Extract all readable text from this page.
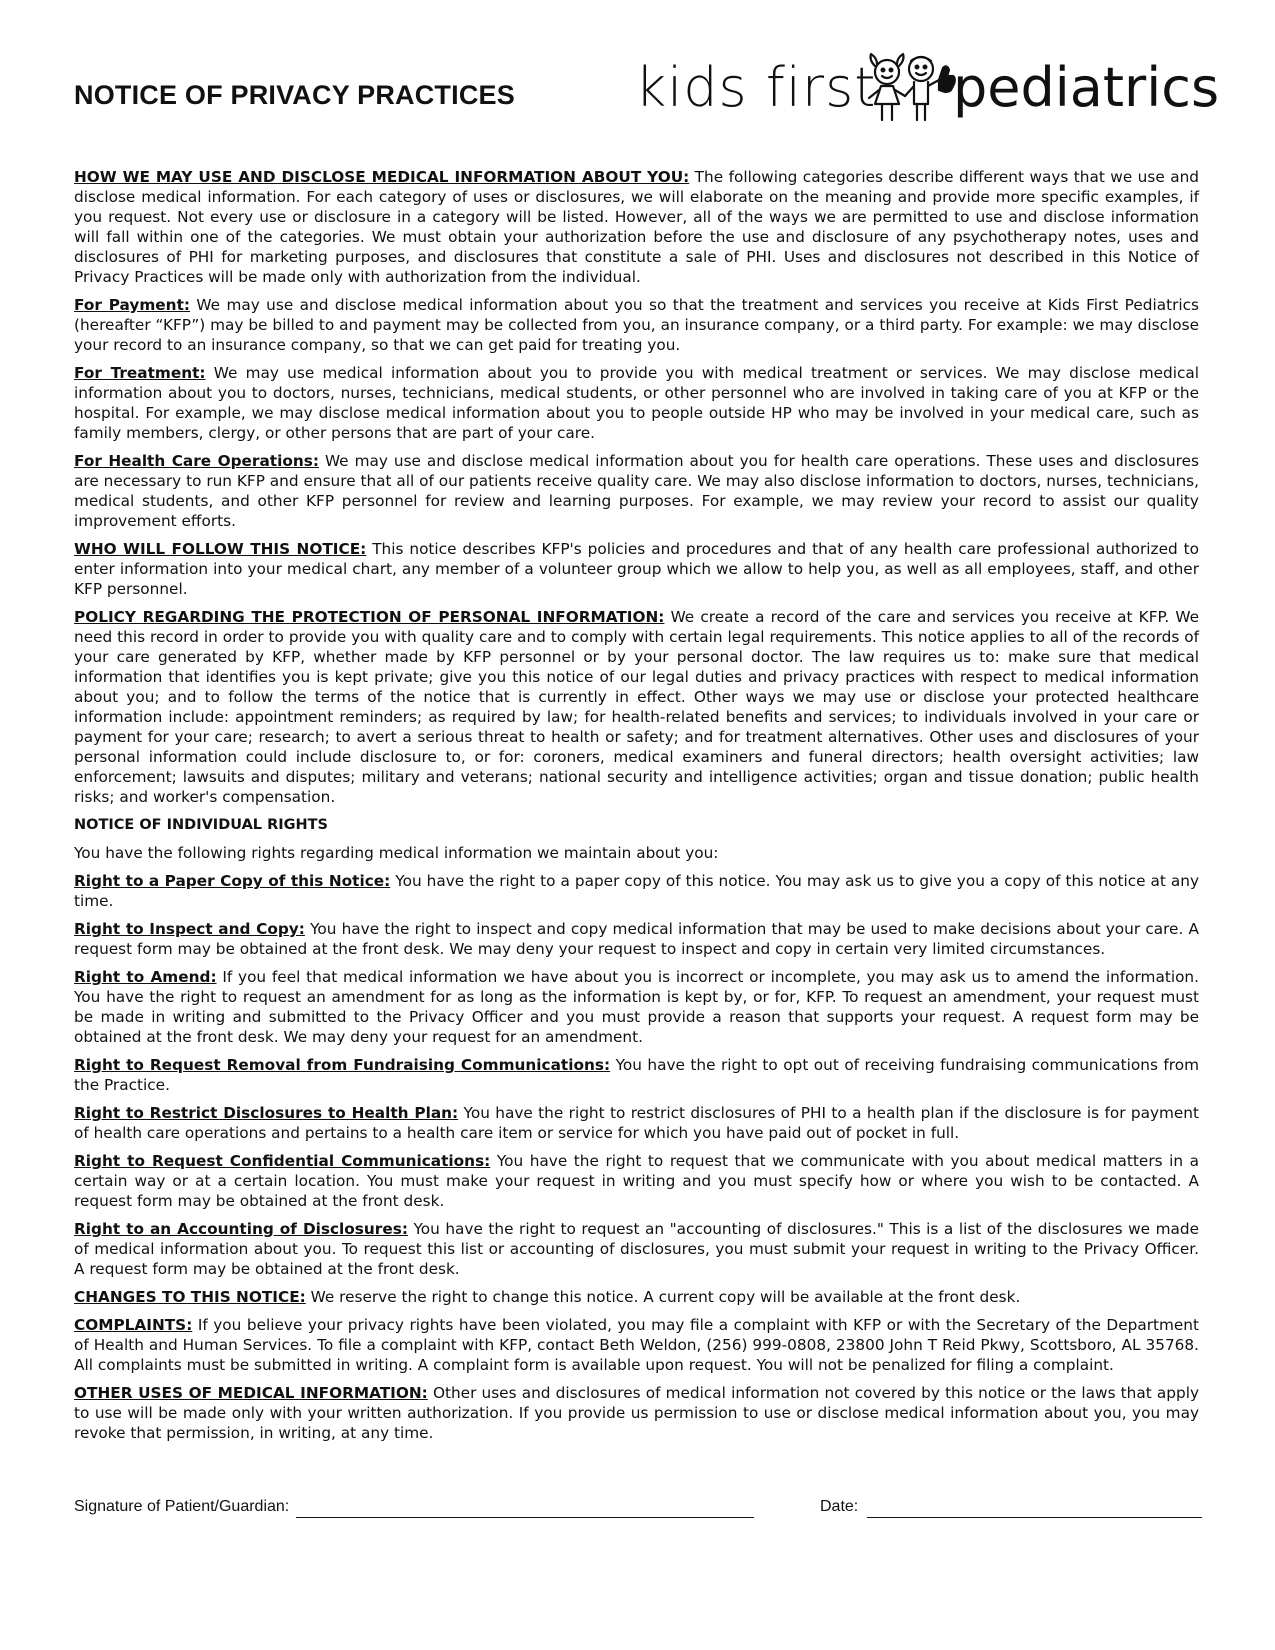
NOTICE OF PRIVACY PRACTICES kids first pediatrics

HOW WE MAY USE AND DISCLOSE MEDICAL INFORMATION ABOUT YOU: The following categories describe different ways that we use and disclose medical information. For each category of uses or disclosures, we will elaborate on the meaning and provide more specific examples, if you request. Not every use or disclosure in a category will be listed. However, all of the ways we are permitted to use and disclose information will fall within one of the categories. We must obtain your authorization before the use and disclosure of any psychotherapy notes, uses and disclosures of PHI for marketing purposes, and disclosures that constitute a sale of PHI. Uses and disclosures not described in this Notice of Privacy Practices will be made only with authorization from the individual.

For Payment: We may use and disclose medical information about you so that the treatment and services you receive at Kids First Pediatrics (hereafter “KFP”) may be billed to and payment may be collected from you, an insurance company, or a third party. For example: we may disclose your record to an insurance company, so that we can get paid for treating you.

For Treatment: We may use medical information about you to provide you with medical treatment or services. We may disclose medical information about you to doctors, nurses, technicians, medical students, or other personnel who are involved in taking care of you at KFP or the hospital. For example, we may disclose medical information about you to people outside HP who may be involved in your medical care, such as family members, clergy, or other persons that are part of your care.

For Health Care Operations: We may use and disclose medical information about you for health care operations. These uses and disclosures are necessary to run KFP and ensure that all of our patients receive quality care. We may also disclose information to doctors, nurses, technicians, medical students, and other KFP personnel for review and learning purposes. For example, we may review your record to assist our quality improvement efforts.

WHO WILL FOLLOW THIS NOTICE: This notice describes KFP's policies and procedures and that of any health care professional authorized to enter information into your medical chart, any member of a volunteer group which we allow to help you, as well as all employees, staff, and other KFP personnel.

POLICY REGARDING THE PROTECTION OF PERSONAL INFORMATION: We create a record of the care and services you receive at KFP. We need this record in order to provide you with quality care and to comply with certain legal requirements. This notice applies to all of the records of your care generated by KFP, whether made by KFP personnel or by your personal doctor. The law requires us to: make sure that medical information that identifies you is kept private; give you this notice of our legal duties and privacy practices with respect to medical information about you; and to follow the terms of the notice that is currently in effect. Other ways we may use or disclose your protected healthcare information include: appointment reminders; as required by law; for health-related benefits and services; to individuals involved in your care or payment for your care; research; to avert a serious threat to health or safety; and for treatment alternatives. Other uses and disclosures of your personal information could include disclosure to, or for: coroners, medical examiners and funeral directors; health oversight activities; law enforcement; lawsuits and disputes; military and veterans; national security and intelligence activities; organ and tissue donation; public health risks; and worker's compensation.

NOTICE OF INDIVIDUAL RIGHTS

You have the following rights regarding medical information we maintain about you:

Right to a Paper Copy of this Notice: You have the right to a paper copy of this notice. You may ask us to give you a copy of this notice at any time.

Right to Inspect and Copy: You have the right to inspect and copy medical information that may be used to make decisions about your care. A request form may be obtained at the front desk. We may deny your request to inspect and copy in certain very limited circumstances.

Right to Amend: If you feel that medical information we have about you is incorrect or incomplete, you may ask us to amend the information. You have the right to request an amendment for as long as the information is kept by, or for, KFP. To request an amendment, your request must be made in writing and submitted to the Privacy Officer and you must provide a reason that supports your request. A request form may be obtained at the front desk. We may deny your request for an amendment.

Right to Request Removal from Fundraising Communications: You have the right to opt out of receiving fundraising communications from the Practice.

Right to Restrict Disclosures to Health Plan: You have the right to restrict disclosures of PHI to a health plan if the disclosure is for payment of health care operations and pertains to a health care item or service for which you have paid out of pocket in full.

Right to Request Confidential Communications: You have the right to request that we communicate with you about medical matters in a certain way or at a certain location. You must make your request in writing and you must specify how or where you wish to be contacted. A request form may be obtained at the front desk.

Right to an Accounting of Disclosures: You have the right to request an "accounting of disclosures." This is a list of the disclosures we made of medical information about you. To request this list or accounting of disclosures, you must submit your request in writing to the Privacy Officer. A request form may be obtained at the front desk.

CHANGES TO THIS NOTICE: We reserve the right to change this notice. A current copy will be available at the front desk.

COMPLAINTS: If you believe your privacy rights have been violated, you may file a complaint with KFP or with the Secretary of the Department of Health and Human Services. To file a complaint with KFP, contact Beth Weldon, (256) 999-0808, 23800 John T Reid Pkwy, Scottsboro, AL 35768. All complaints must be submitted in writing. A complaint form is available upon request. You will not be penalized for filing a complaint.

OTHER USES OF MEDICAL INFORMATION: Other uses and disclosures of medical information not covered by this notice or the laws that apply to use will be made only with your written authorization. If you provide us permission to use or disclose medical information about you, you may revoke that permission, in writing, at any time.

Signature of Patient/Guardian:	Date:
